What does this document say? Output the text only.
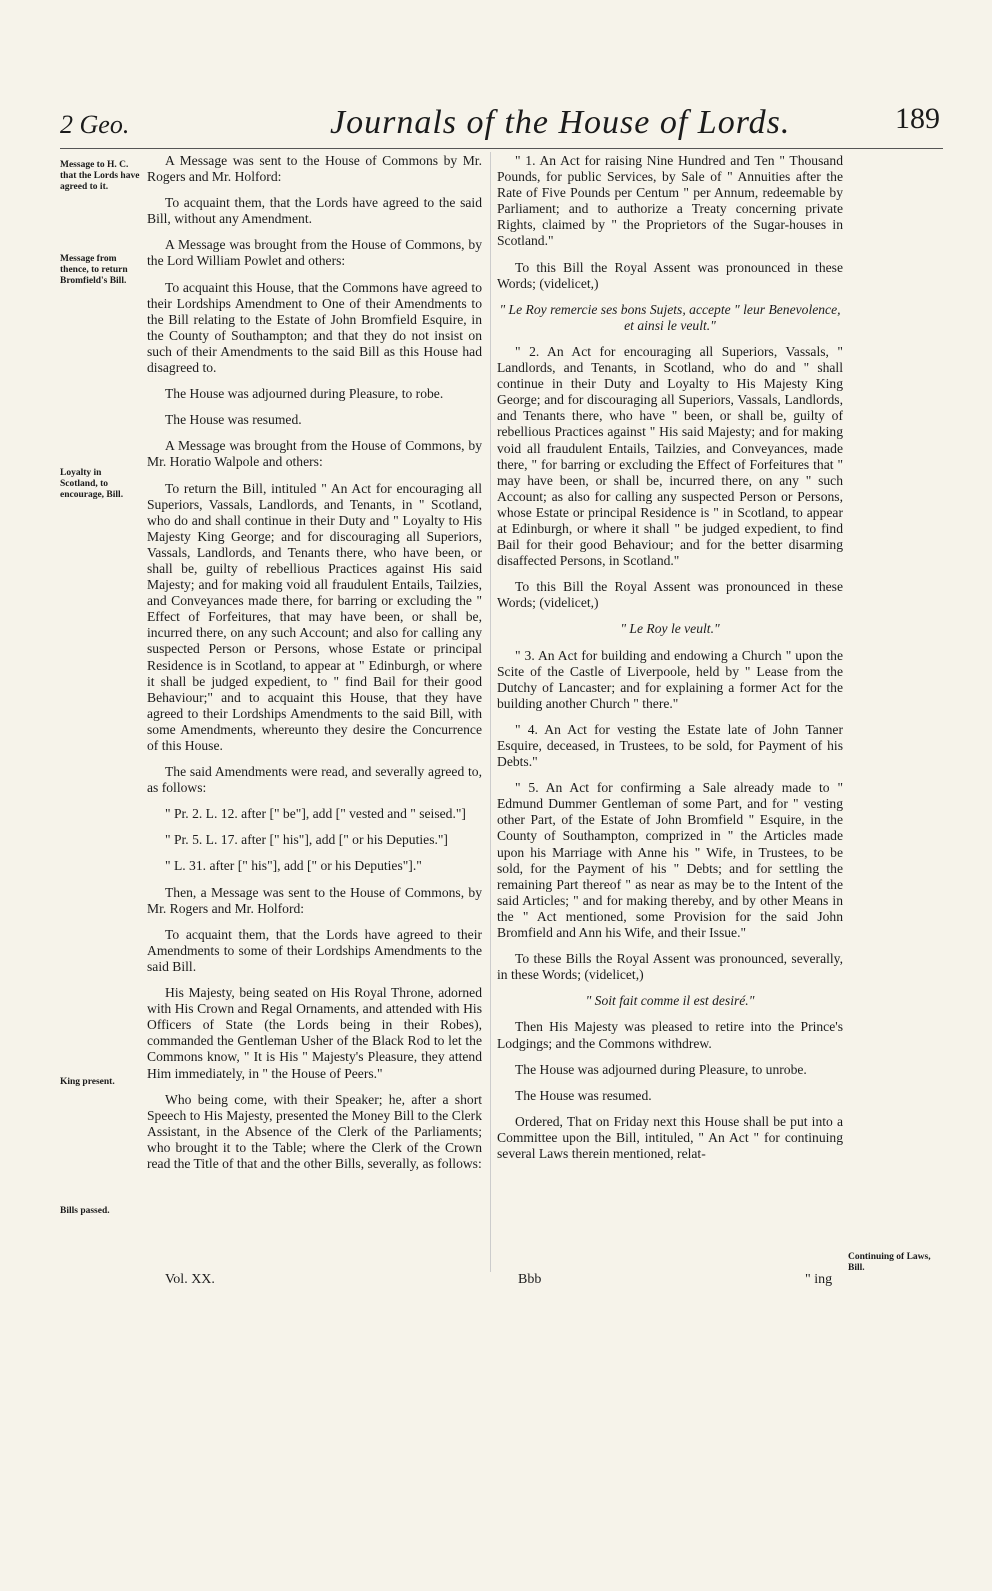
2 Geo.	Journals of the House of Lords.	189
Message to H. C. that the Lords have agreed to it.
Message from thence, to return Bromfield's Bill.
Loyalty in Scotland, to encourage, Bill.
King present.
Bills passed.
Continuing of Laws, Bill.

A Message was sent to the House of Commons by Mr. Rogers and Mr. Holford:

To acquaint them, that the Lords have agreed to the said Bill, without any Amendment.

A Message was brought from the House of Commons, by the Lord William Powlet and others:

To acquaint this House, that the Commons have agreed to their Lordships Amendment to One of their Amendments to the Bill relating to the Estate of John Bromfield Esquire, in the County of Southampton; and that they do not insist on such of their Amendments to the said Bill as this House had disagreed to.

The House was adjourned during Pleasure, to robe.

The House was resumed.

A Message was brought from the House of Commons, by Mr. Horatio Walpole and others:

To return the Bill, intituled " An Act for encouraging all Superiors, Vassals, Landlords, and Tenants, in " Scotland, who do and shall continue in their Duty and " Loyalty to His Majesty King George; and for discouraging all Superiors, Vassals, Landlords, and Tenants there, who have been, or shall be, guilty of rebellious Practices against His said Majesty; and for making void all fraudulent Entails, Tailzies, and Conveyances made there, for barring or excluding the " Effect of Forfeitures, that may have been, or shall be, incurred there, on any such Account; and also for calling any suspected Person or Persons, whose Estate or principal Residence is in Scotland, to appear at " Edinburgh, or where it shall be judged expedient, to " find Bail for their good Behaviour;" and to acquaint this House, that they have agreed to their Lordships Amendments to the said Bill, with some Amendments, whereunto they desire the Concurrence of this House.

The said Amendments were read, and severally agreed to, as follows:

" Pr. 2. L. 12. after [" be"], add [" vested and " seised."]

" Pr. 5. L. 17. after [" his"], add [" or his Deputies."]

" L. 31. after [" his"], add [" or his Deputies"]."

Then, a Message was sent to the House of Commons, by Mr. Rogers and Mr. Holford:

To acquaint them, that the Lords have agreed to their Amendments to some of their Lordships Amendments to the said Bill.

His Majesty, being seated on His Royal Throne, adorned with His Crown and Regal Ornaments, and attended with His Officers of State (the Lords being in their Robes), commanded the Gentleman Usher of the Black Rod to let the Commons know, " It is His " Majesty's Pleasure, they attend Him immediately, in " the House of Peers."

Who being come, with their Speaker; he, after a short Speech to His Majesty, presented the Money Bill to the Clerk Assistant, in the Absence of the Clerk of the Parliaments; who brought it to the Table; where the Clerk of the Crown read the Title of that and the other Bills, severally, as follows:

" 1. An Act for raising Nine Hundred and Ten " Thousand Pounds, for public Services, by Sale of " Annuities after the Rate of Five Pounds per Centum " per Annum, redeemable by Parliament; and to authorize a Treaty concerning private Rights, claimed by " the Proprietors of the Sugar-houses in Scotland."

To this Bill the Royal Assent was pronounced in these Words; (videlicet,)

" Le Roy remercie ses bons Sujets, accepte " leur Benevolence, et ainsi le veult."

" 2. An Act for encouraging all Superiors, Vassals, " Landlords, and Tenants, in Scotland, who do and " shall continue in their Duty and Loyalty to His Majesty King George; and for discouraging all Superiors, Vassals, Landlords, and Tenants there, who have " been, or shall be, guilty of rebellious Practices against " His said Majesty; and for making void all fraudulent Entails, Tailzies, and Conveyances, made there, " for barring or excluding the Effect of Forfeitures that " may have been, or shall be, incurred there, on any " such Account; as also for calling any suspected Person or Persons, whose Estate or principal Residence is " in Scotland, to appear at Edinburgh, or where it shall " be judged expedient, to find Bail for their good Behaviour; and for the better disarming disaffected Persons, in Scotland."

To this Bill the Royal Assent was pronounced in these Words; (videlicet,)

" Le Roy le veult."

" 3. An Act for building and endowing a Church " upon the Scite of the Castle of Liverpoole, held by " Lease from the Dutchy of Lancaster; and for explaining a former Act for the building another Church " there."

" 4. An Act for vesting the Estate late of John Tanner Esquire, deceased, in Trustees, to be sold, for Payment of his Debts."

" 5. An Act for confirming a Sale already made to " Edmund Dummer Gentleman of some Part, and for " vesting other Part, of the Estate of John Bromfield " Esquire, in the County of Southampton, comprized in " the Articles made upon his Marriage with Anne his " Wife, in Trustees, to be sold, for the Payment of his " Debts; and for settling the remaining Part thereof " as near as may be to the Intent of the said Articles; " and for making thereby, and by other Means in the " Act mentioned, some Provision for the said John Bromfield and Ann his Wife, and their Issue."

To these Bills the Royal Assent was pronounced, severally, in these Words; (videlicet,)

" Soit fait comme il est desiré."

Then His Majesty was pleased to retire into the Prince's Lodgings; and the Commons withdrew.

The House was adjourned during Pleasure, to unrobe.

The House was resumed.

Ordered, That on Friday next this House shall be put into a Committee upon the Bill, intituled, " An Act " for continuing several Laws therein mentioned, relat-

Vol. XX.	Bbb	" ing
